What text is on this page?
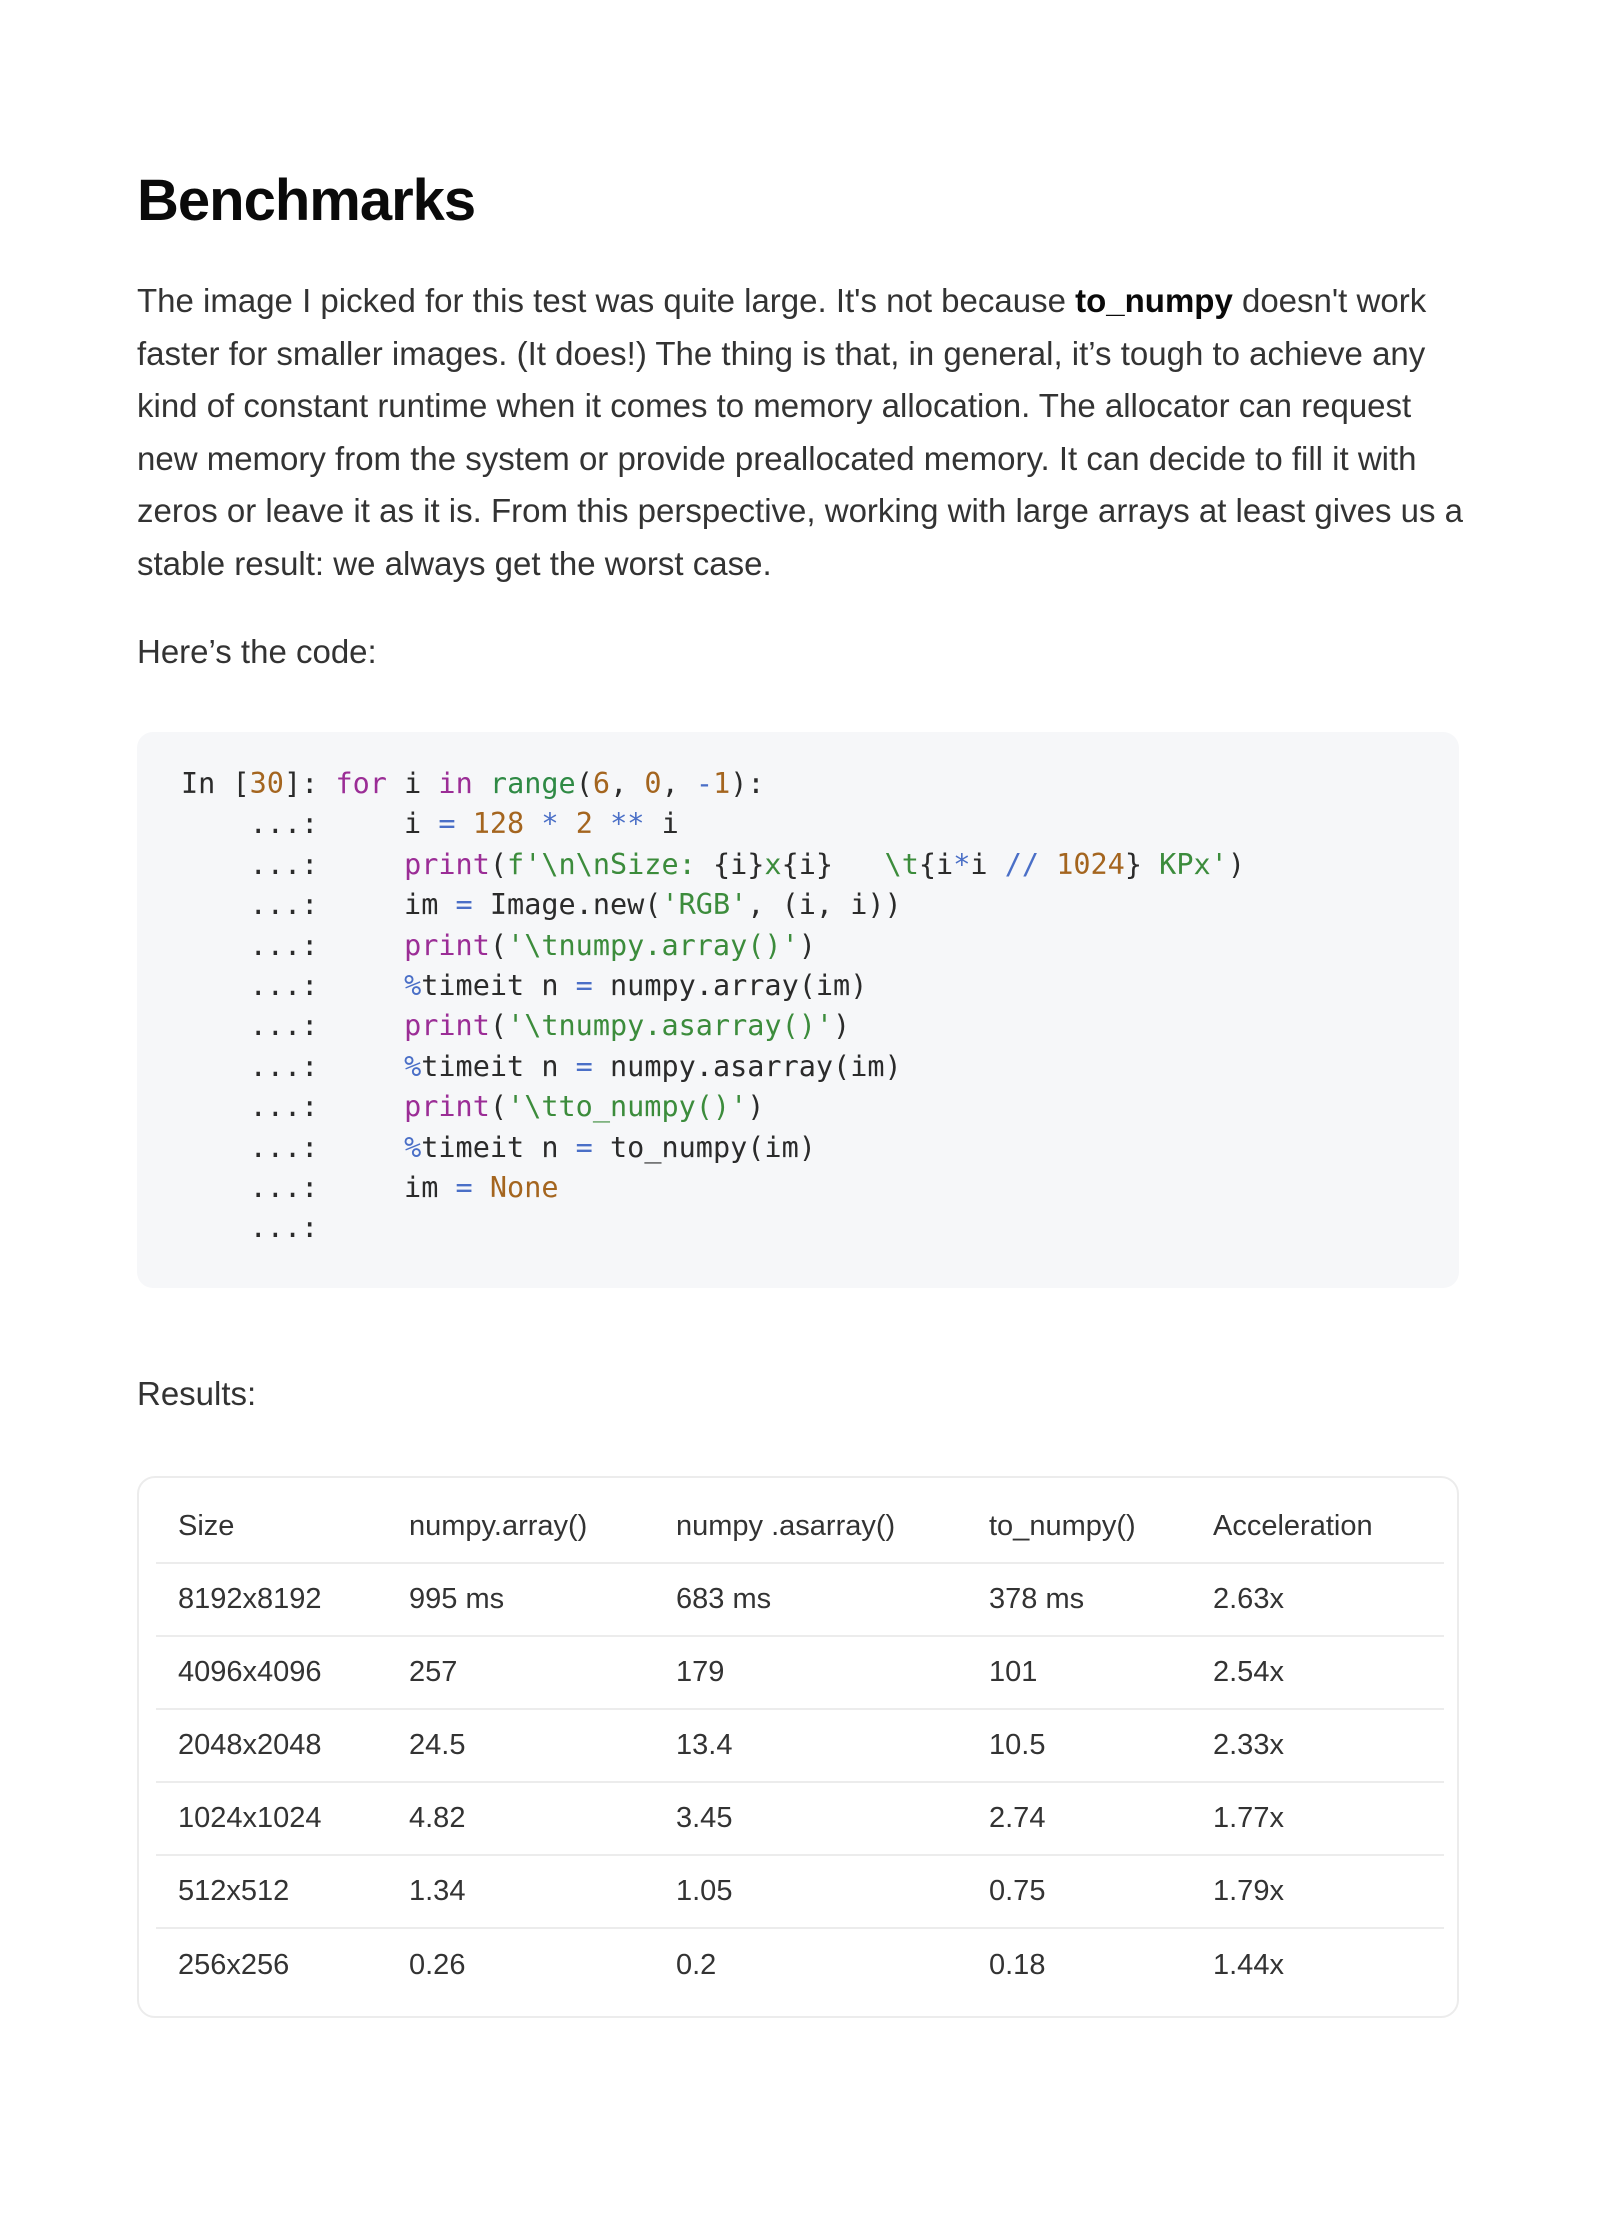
Benchmarks

The image I picked for this test was quite large. It's not because to_numpy doesn't work faster for smaller images. (It does!) The thing is that, in general, it’s tough to achieve any kind of constant runtime when it comes to memory allocation. The allocator can request new memory from the system or provide preallocated memory. It can decide to fill it with zeros or leave it as it is. From this perspective, working with large arrays at least gives us a stable result: we always get the worst case.

Here’s the code:

In [30]: for i in range(6, 0, -1):
...:     i = 128 * 2 ** i
...:	print(f'\n\nSize: {i}x{i}   \t{i*i // 1024} KPx')
...:     im = Image.new('RGB', (i, i))
...:	print('\tnumpy.array()')
...:	%timeit n = numpy.array(im)
...:	print('\tnumpy.asarray()')
...:	%timeit n = numpy.asarray(im)
...:	print('\tto_numpy()')
...:	%timeit n = to_numpy(im)
...:     im = None
...:

Results:

Size	numpy.array()	numpy .asarray()	to_numpy()	Acceleration
8192x8192	995 ms	683 ms	378 ms	2.63x
4096x4096	257	179	101	2.54x
2048x2048	24.5	13.4	10.5	2.33x
1024x1024	4.82	3.45	2.74	1.77x
512x512	1.34	1.05	0.75	1.79x
256x256	0.26	0.2	0.18	1.44x
